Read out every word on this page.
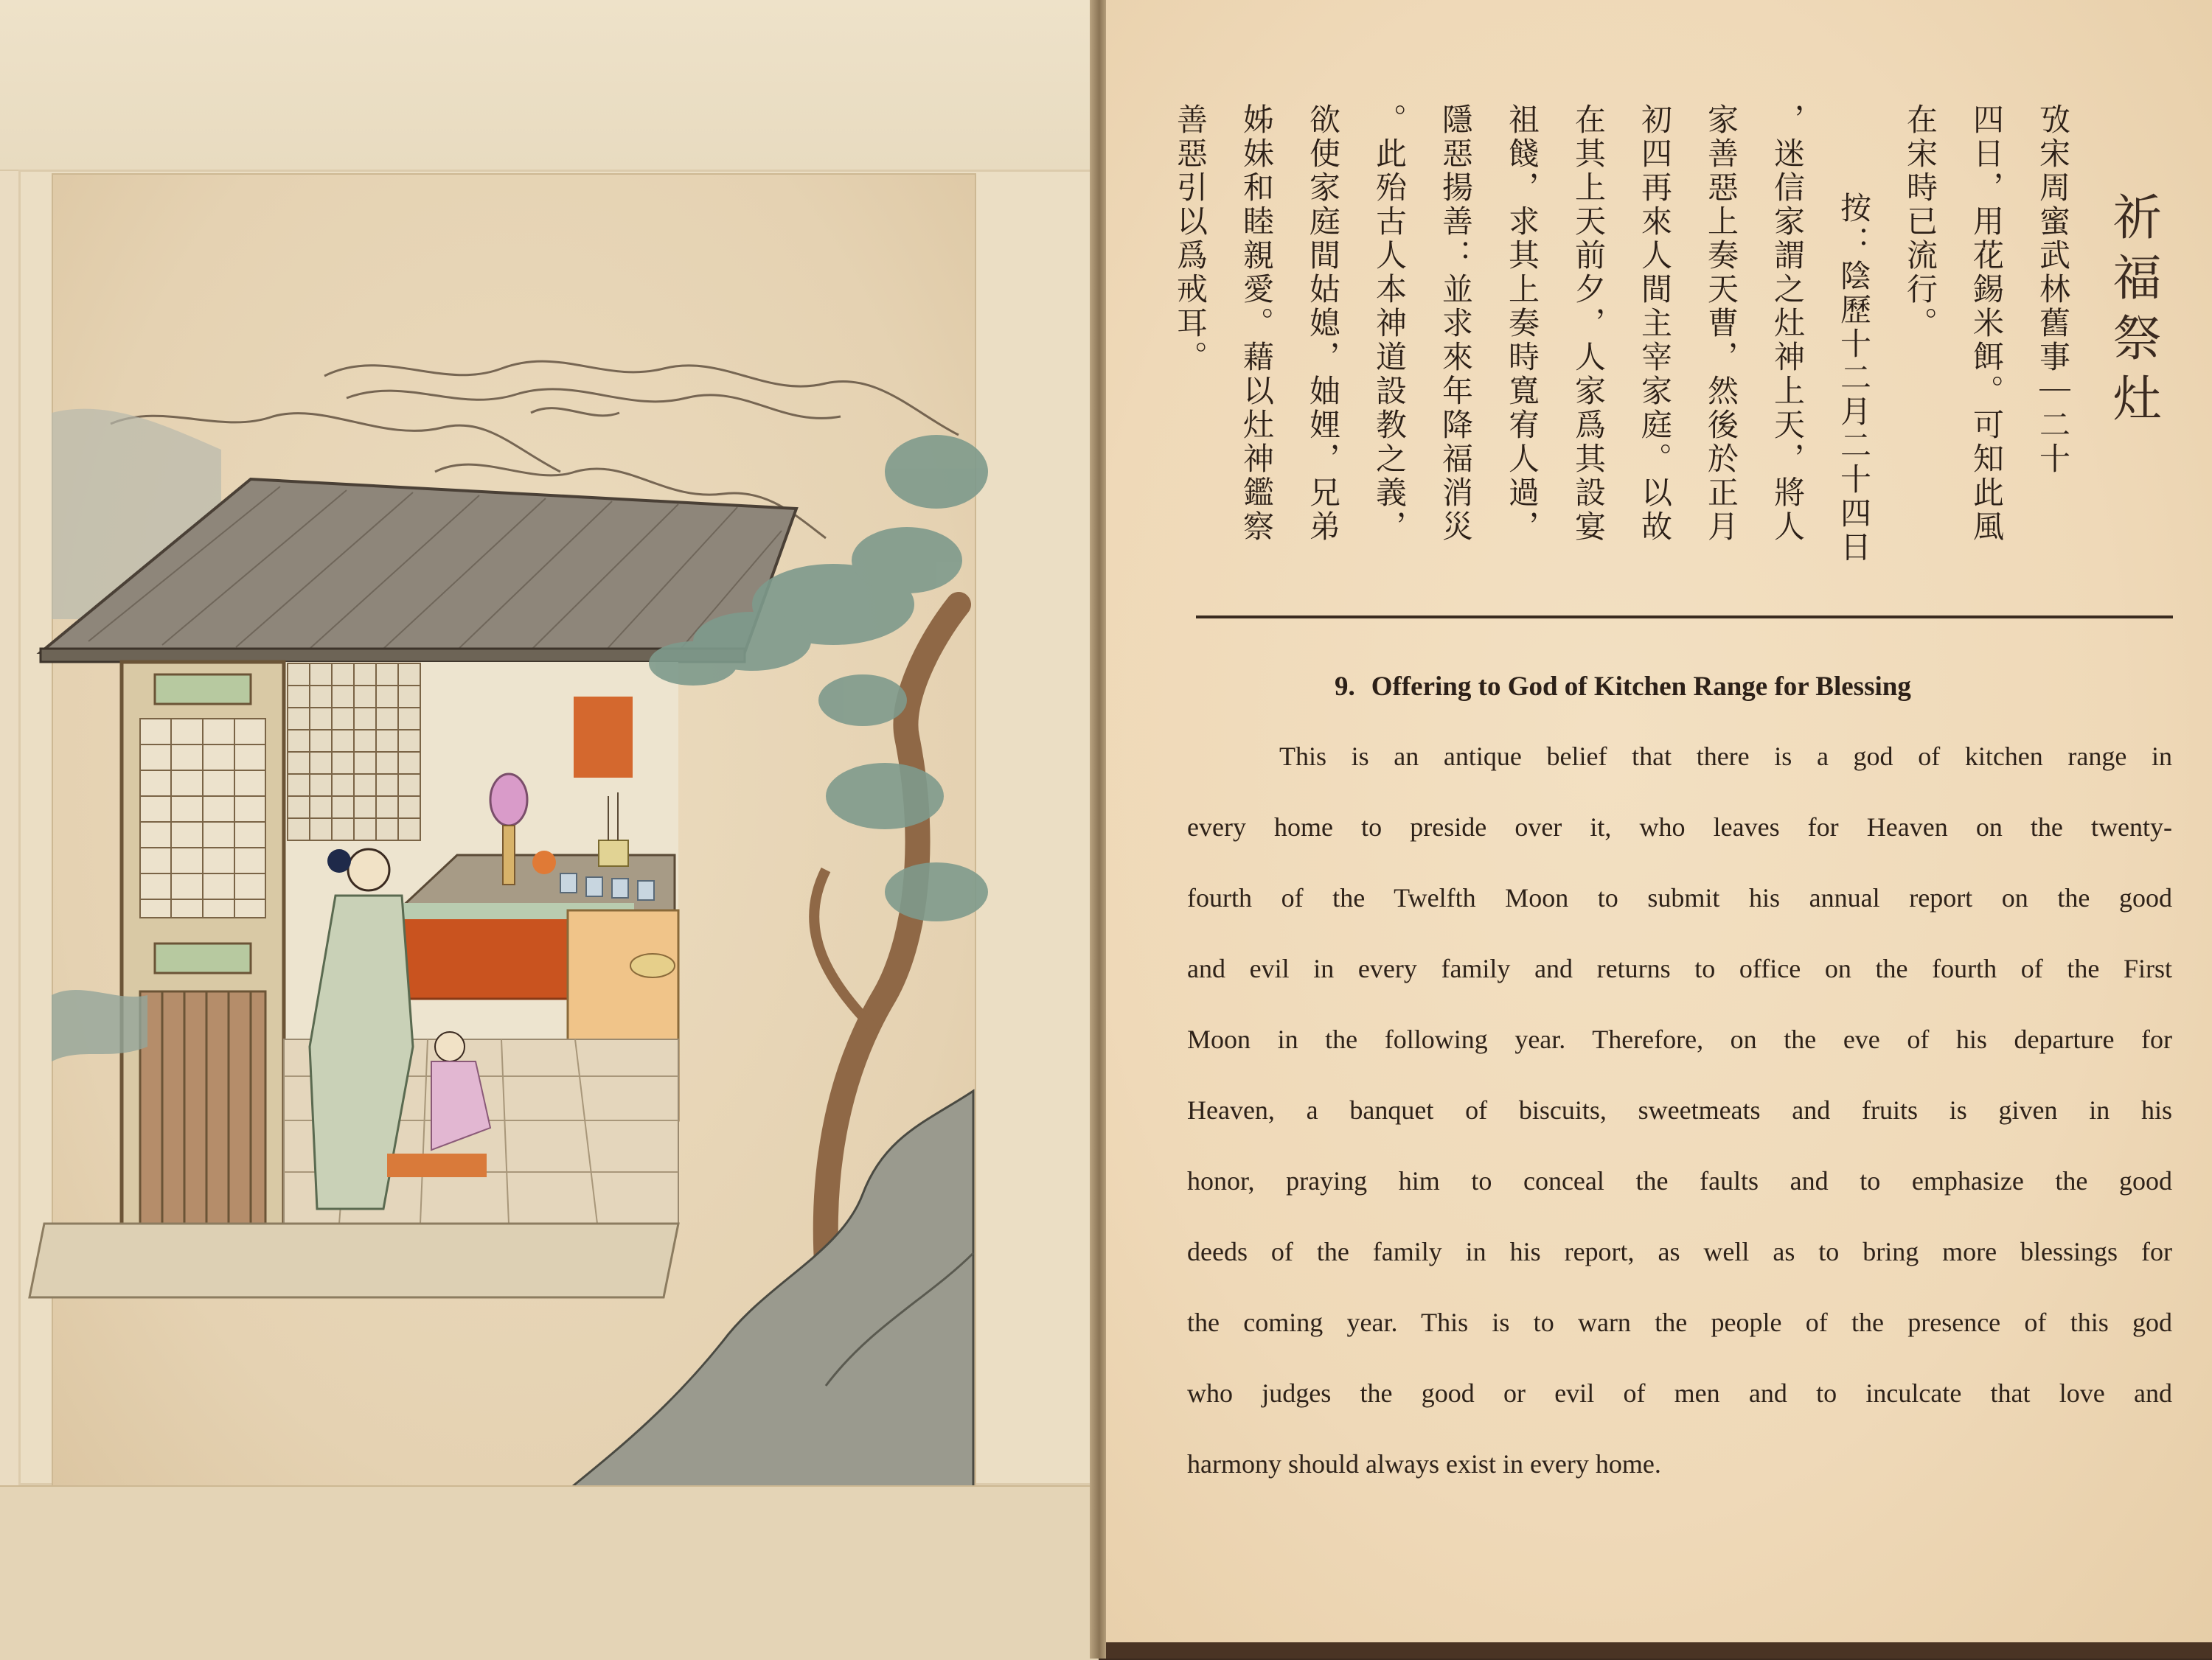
祈福祭灶
攷宋周蜜武林舊事｜二十
四日，用花錫米餌。可知此風
在宋時已流行。
按：陰歷十二月二十四日
，迷信家謂之灶神上天，將人
家善惡上奏天曹，然後於正月
初四再來人間主宰家庭。以故
在其上天前夕，人家爲其設宴
祖餞，求其上奏時寬宥人過，
隱惡揚善：並求來年降福消災
。此殆古人本神道設教之義，
欲使家庭間姑媳，妯娌，兄弟
姊妹和睦親愛。藉以灶神鑑察
善惡引以爲戒耳。
9. Offering to God of Kitchen Range for Blessing
This is an antique belief that there is a god of kitchen range in
every home to preside over it, who leaves for Heaven on the twenty-
fourth of the Twelfth Moon to submit his annual report on the good
and evil in every family and returns to office on the fourth of the First
Moon in the following year. Therefore, on the eve of his departure for
Heaven, a banquet of biscuits, sweetmeats and fruits is given in his
honor, praying him to conceal the faults and to emphasize the good
deeds of the family in his report, as well as to bring more blessings for
the coming year. This is to warn the people of the presence of this god
who judges the good or evil of men and to inculcate that love and
harmony should always exist in every home.
